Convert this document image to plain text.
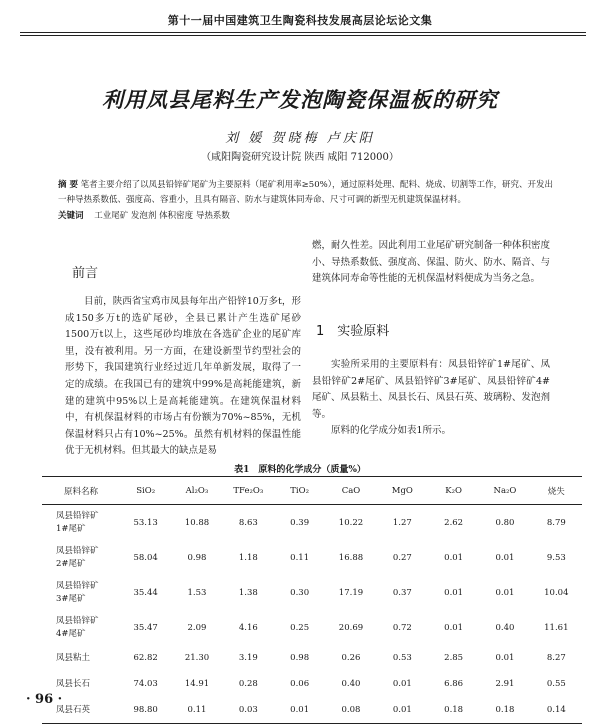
第十一届中国建筑卫生陶瓷科技发展高层论坛论文集
利用凤县尾料生产发泡陶瓷保温板的研究
刘 媛 贺晓梅 卢庆阳
（咸阳陶瓷研究设计院 陕西 咸阳 712000）
摘 要 笔者主要介绍了以凤县铅锌矿尾矿为主要原料（尾矿利用率≥50%），通过原料处理、配料、烧成、切割等工作，研究、开发出一种导热系数低、强度高、容重小，且具有隔音、防水与建筑体同寿命、尺寸可调的新型无机建筑保温材料。
关键词 工业尾矿 发泡剂 体积密度 导热系数
前言

目前，陕西省宝鸡市凤县每年出产铅锌10万多t，形成150多万t的选矿尾砂，全县已累计产生选矿尾砂1500万t以上，这些尾砂均堆放在各选矿企业的尾矿库里，没有被利用。另一方面，在建设新型节约型社会的形势下，我国建筑行业经过近几年单新发展，取得了一定的成绩。在我国已有的建筑中99%是高耗能建筑，新建的建筑中95%以上是高耗能建筑。在建筑保温材料中，有机保温材料的市场占有份额为70%~85%，无机保温材料只占有10%~25%。虽然有机材料的保温性能优于无机材料。但其最大的缺点是易

燃，耐久性差。因此利用工业尾矿研究制备一种体积密度小、导热系数低、强度高、保温、防火、防水、隔音、与建筑体同寿命等性能的无机保温材料便成为当务之急。

1　实验原料

实验所采用的主要原料有：凤县铅锌矿1#尾矿、凤县铅锌矿2#尾矿、凤县铅锌矿3#尾矿、凤县铅锌矿4#尾矿、凤县粘土、凤县长石、凤县石英、玻璃粉、发泡剂等。

原料的化学成分如表1所示。

表1　原料的化学成分（质量%）
原料名称	SiO₂	Al₂O₃	TFe₂O₃	TiO₂	CaO	MgO	K₂O	Na₂O	烧失
凤县铅锌矿
1#尾矿	53.13	10.88	8.63	0.39	10.22	1.27	2.62	0.80	8.79
凤县铅锌矿
2#尾矿	58.04	0.98	1.18	0.11	16.88	0.27	0.01	0.01	9.53
凤县铅锌矿
3#尾矿	35.44	1.53	1.38	0.30	17.19	0.37	0.01	0.01	10.04
凤县铅锌矿
4#尾矿	35.47	2.09	4.16	0.25	20.69	0.72	0.01	0.40	11.61
凤县粘土	62.82	21.30	3.19	0.98	0.26	0.53	2.85	0.01	8.27
凤县长石	74.03	14.91	0.28	0.06	0.40	0.01	6.86	2.91	0.55
凤县石英	98.80	0.11	0.03	0.01	0.08	0.01	0.18	0.18	0.14
· 96 ·
